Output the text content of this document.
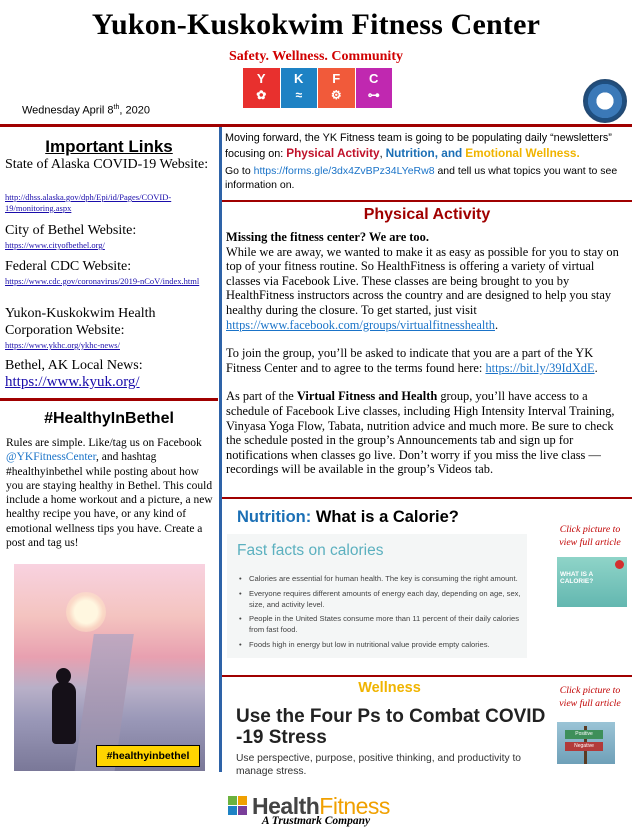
Yukon-Kuskokwim Fitness Center
Safety. Wellness. Community
Y
✿
K
≈
F
⚙
C
⊶
Wednesday April 8th, 2020
Important Links
State of Alaska COVID-19 Website:
http://dhss.alaska.gov/dph/Epi/id/Pages/COVID-19/monitoring.aspx
City of Bethel Website:
https://www.cityofbethel.org/
Federal CDC Website:
https://www.cdc.gov/coronavirus/2019-nCoV/index.html
Yukon-Kuskokwim Health Corporation Website:
https://www.ykhc.org/ykhc-news/
Bethel, AK Local News:
https://www.kyuk.org/
#HealthyInBethel
Rules are simple. Like/tag us on Facebook @YKFitnessCenter, and hashtag #healthyinbethel while posting about how you are staying healthy in Bethel. This could include a home workout and a picture, a new healthy recipe you have, or any kind of emotional wellness tips you have. Create a post and tag us!
#healthyinbethel
Moving forward, the YK Fitness team is going to be populating daily “newsletters” focusing on: Physical Activity, Nutrition, and Emotional Wellness.
Go to https://forms.gle/3dx4ZvBPz34LYeRw8 and tell us what topics you want to see information on.
Physical Activity

Missing the fitness center? We are too.
While we are away, we wanted to make it as easy as possible for you to stay on top of your fitness routine. So HealthFitness is offering a variety of virtual classes via Facebook Live. These classes are being brought to you by HealthFitness instructors across the country and are designed to help you stay healthy during the closure. To get started, just visit https://www.facebook.com/groups/virtualfitnesshealth.

To join the group, you’ll be asked to indicate that you are a part of the YK Fitness Center and to agree to the terms found here: https://bit.ly/39IdXdE.

As part of the Virtual Fitness and Health group, you’ll have access to a schedule of Facebook Live classes, including High Intensity Interval Training, Vinyasa Yoga Flow, Tabata, nutrition advice and much more. Be sure to check the schedule posted in the group’s Announcements tab and sign up for notifications when classes go live. Don’t worry if you miss the live class — recordings will be available in the group’s Videos tab.

Nutrition: What is a Calorie?
Fast facts on calories
• Calories are essential for human health. The key is consuming the right amount.
• Everyone requires different amounts of energy each day, depending on age, sex, size, and activity level.
• People in the United States consume more than 11 percent of their daily calories from fast food.
• Foods high in energy but low in nutritional value provide empty calories.
Click picture to view full article
WHAT IS A CALORIE?
Wellness
Use the Four Ps to Combat COVID -19 Stress
Use perspective, purpose, positive thinking, and productivity to manage stress.
Click picture to view full article
Positive
Negative
HealthFitness
A Trustmark Company
